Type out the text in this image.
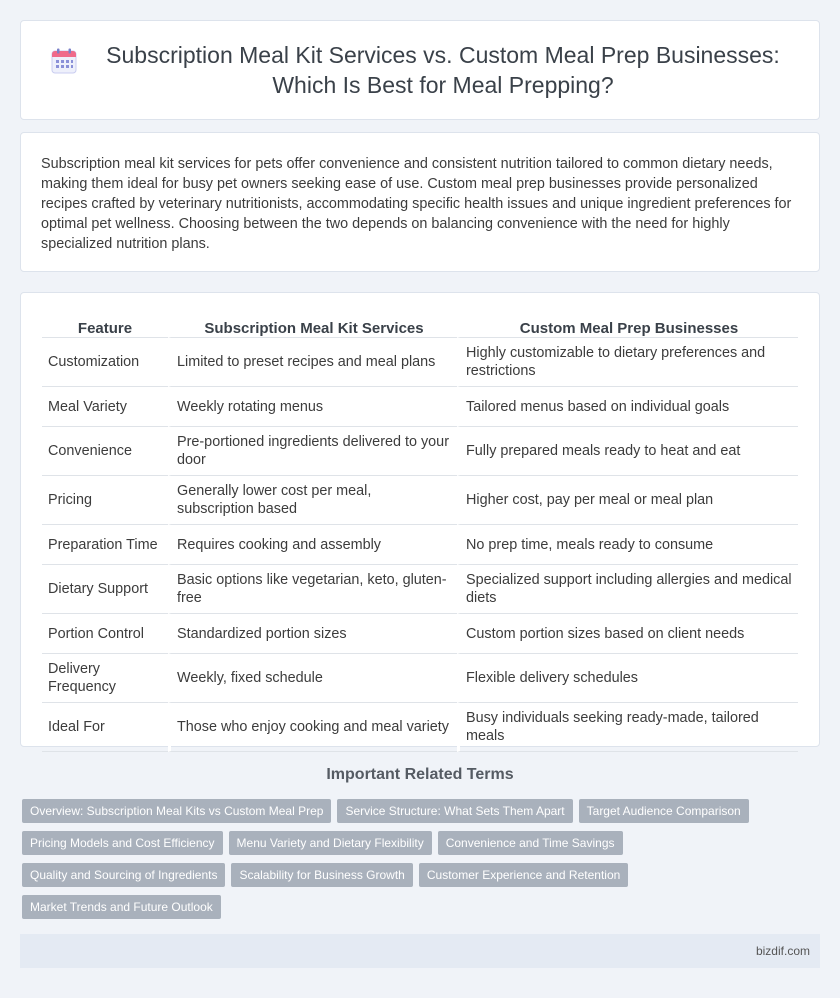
Subscription Meal Kit Services vs. Custom Meal Prep Businesses: Which Is Best for Meal Prepping?

Subscription meal kit services for pets offer convenience and consistent nutrition tailored to common dietary needs, making them ideal for busy pet owners seeking ease of use. Custom meal prep businesses provide personalized recipes crafted by veterinary nutritionists, accommodating specific health issues and unique ingredient preferences for optimal pet wellness. Choosing between the two depends on balancing convenience with the need for highly specialized nutrition plans.

Feature	Subscription Meal Kit Services	Custom Meal Prep Businesses
Customization	Limited to preset recipes and meal plans	Highly customizable to dietary preferences and restrictions
Meal Variety	Weekly rotating menus	Tailored menus based on individual goals
Convenience	Pre-portioned ingredients delivered to your door	Fully prepared meals ready to heat and eat
Pricing	Generally lower cost per meal, subscription based	Higher cost, pay per meal or meal plan
Preparation Time	Requires cooking and assembly	No prep time, meals ready to consume
Dietary Support	Basic options like vegetarian, keto, gluten-free	Specialized support including allergies and medical diets
Portion Control	Standardized portion sizes	Custom portion sizes based on client needs
Delivery Frequency	Weekly, fixed schedule	Flexible delivery schedules
Ideal For	Those who enjoy cooking and meal variety	Busy individuals seeking ready-made, tailored meals
Important Related Terms
Overview: Subscription Meal Kits vs Custom Meal Prep	Service Structure: What Sets Them Apart	Target Audience Comparison
Pricing Models and Cost Efficiency	Menu Variety and Dietary Flexibility	Convenience and Time Savings
Quality and Sourcing of Ingredients	Scalability for Business Growth	Customer Experience and Retention
Market Trends and Future Outlook
bizdif.com
